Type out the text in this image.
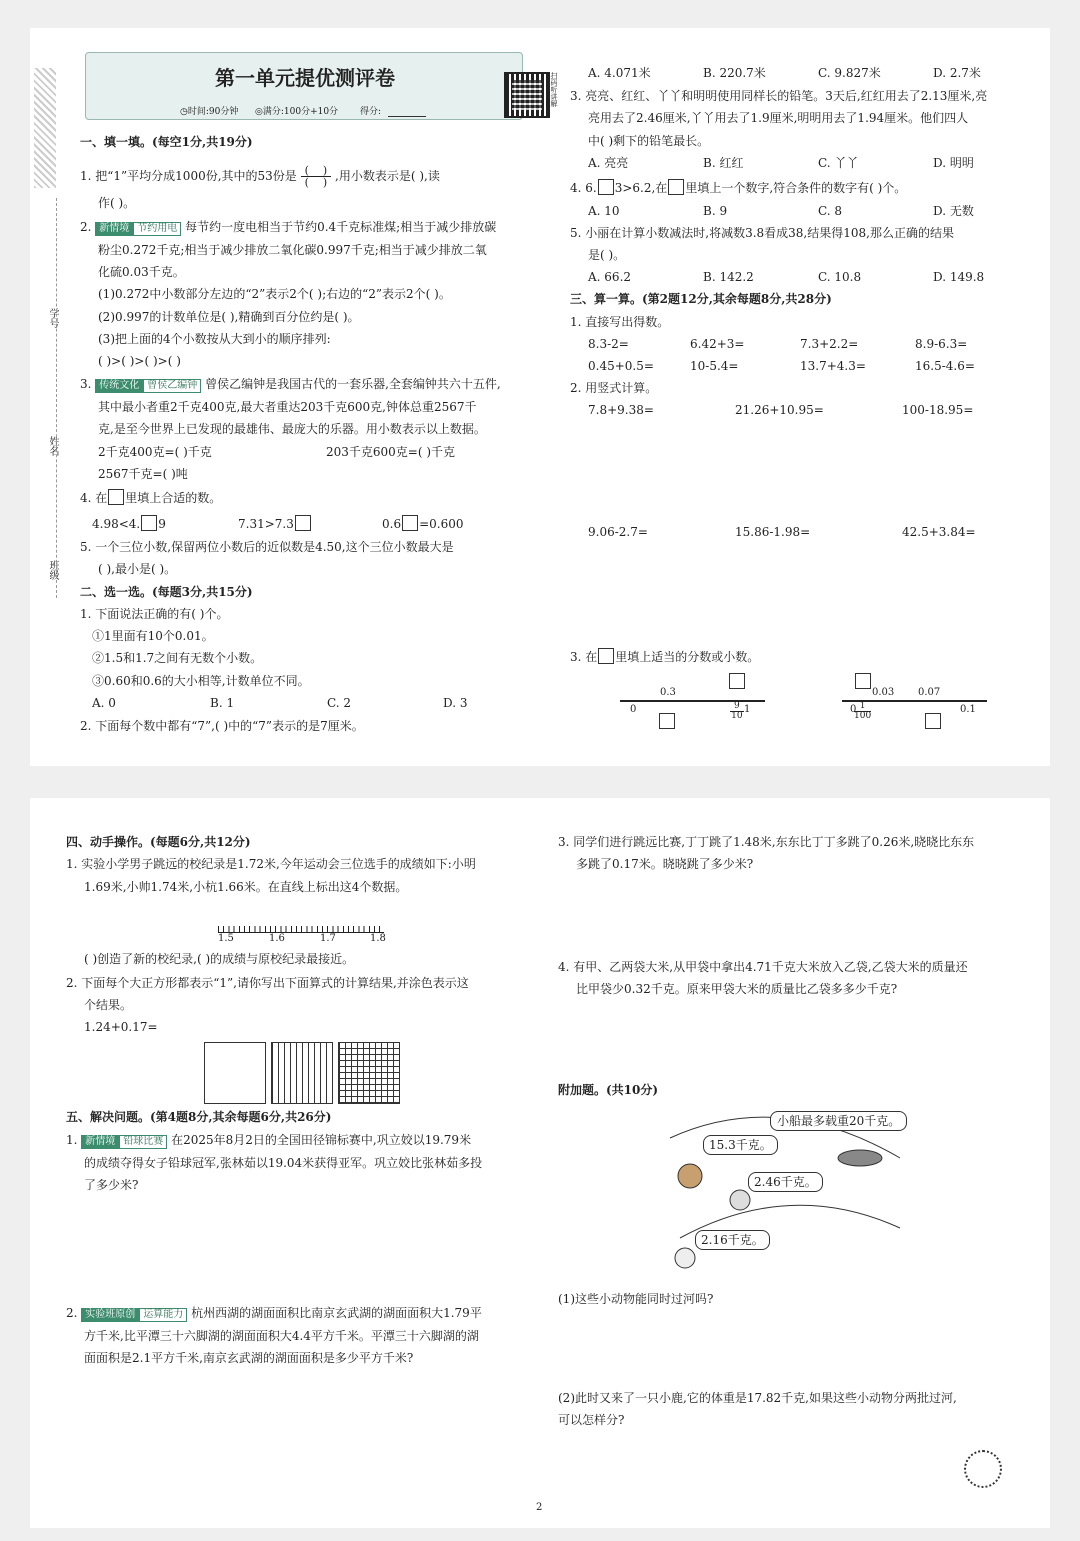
学号
姓名
班级
第一单元提优测评卷
◷时间:90分钟 ◎满分:100分+10分 得分:
扫码听讲解
一、填一填。(每空1分,共19分)
1. 把“1”平均分成1000份,其中的53份是 $\frac{( )}{( )}$ ,用小数表示是( ),读
作( )。
2. 新情境 节约用电 每节约一度电相当于节约0.4千克标准煤;相当于减少排放碳
粉尘0.272千克;相当于减少排放二氧化碳0.997千克;相当于减少排放二氧
化硫0.03千克。
(1)0.272中小数部分左边的“2”表示2个( );右边的“2”表示2个( )。
(2)0.997的计数单位是( ),精确到百分位约是( )。
(3)把上面的4个小数按从大到小的顺序排列:
( )>( )>( )>( )
3. 传统文化 曾侯乙编钟 曾侯乙编钟是我国古代的一套乐器,全套编钟共六十五件,
其中最小者重2千克400克,最大者重达203千克600克,钟体总重2567千
克,是至今世界上已发现的最雄伟、最庞大的乐器。用小数表示以上数据。
2千克400克=( )千克	203千克600克=( )千克
2567千克=( )吨
4. 在 里填上合适的数。
4.98<4. 9	7.31>7.3	0.6 =0.600
5. 一个三位小数,保留两位小数后的近似数是4.50,这个三位小数最大是
( ),最小是( )。
二、选一选。(每题3分,共15分)
1. 下面说法正确的有( )个。
①1里面有10个0.01。
②1.5和1.7之间有无数个小数。
③0.60和0.6的大小相等,计数单位不同。
A. 0	B. 1	C. 2	D. 3
2. 下面每个数中都有“7”,( )中的“7”表示的是7厘米。
A. 4.071米	B. 220.7米	C. 9.827米	D. 2.7米
3. 亮亮、红红、丫丫和明明使用同样长的铅笔。3天后,红红用去了2.13厘米,亮
亮用去了2.46厘米,丫丫用去了1.9厘米,明明用去了1.94厘米。他们四人
中( )剩下的铅笔最长。
A. 亮亮	B. 红红	C. 丫丫	D. 明明
4. 6. 3>6.2,在 里填上一个数字,符合条件的数字有( )个。
A. 10	B. 9	C. 8	D. 无数
5. 小丽在计算小数减法时,将减数3.8看成38,结果得108,那么正确的结果
是( )。
A. 66.2	B. 142.2	C. 10.8	D. 149.8
三、算一算。(第2题12分,其余每题8分,共28分)
1. 直接写出得数。
8.3-2=	6.42+3=	7.3+2.2=	8.9-6.3=
0.45+0.5=	10-5.4=	13.7+4.3=	16.5-4.6=
2. 用竖式计算。
7.8+9.38=	21.26+10.95=	100-18.95=
9.06-2.7=	15.86-1.98=	42.5+3.84=
3. 在 里填上适当的分数或小数。
0
0.3
1
$\frac{9}{10}$	0
0.03 0.07
0.1
$\frac{1}{100}$
四、动手操作。(每题6分,共12分)
1. 实验小学男子跳远的校纪录是1.72米,今年运动会三位选手的成绩如下:小明
1.69米,小帅1.74米,小杭1.66米。在直线上标出这4个数据。
1.5	1.6	1.7	1.8
( )创造了新的校纪录,( )的成绩与原校纪录最接近。
2. 下面每个大正方形都表示“1”,请你写出下面算式的计算结果,并涂色表示这
个结果。
1.24+0.17=
五、解决问题。(第4题8分,其余每题6分,共26分)
1. 新情境 铅球比赛 在2025年8月2日的全国田径锦标赛中,巩立姣以19.79米
的成绩夺得女子铅球冠军,张林茹以19.04米获得亚军。巩立姣比张林茹多投
了多少米?
2. 实验班原创 运算能力 杭州西湖的湖面面积比南京玄武湖的湖面面积大1.79平
方千米,比平潭三十六脚湖的湖面面积大4.4平方千米。平潭三十六脚湖的湖
面面积是2.1平方千米,南京玄武湖的湖面面积是多少平方千米?
3. 同学们进行跳远比赛,丁丁跳了1.48米,东东比丁丁多跳了0.26米,晓晓比东东
多跳了0.17米。晓晓跳了多少米?
4. 有甲、乙两袋大米,从甲袋中拿出4.71千克大米放入乙袋,乙袋大米的质量还
比甲袋少0.32千克。原来甲袋大米的质量比乙袋多多少千克?
附加题。(共10分)
小船最多载重20千克。
15.3千克。
2.46千克。
2.16千克。
(1)这些小动物能同时过河吗?
(2)此时又来了一只小鹿,它的体重是17.82千克,如果这些小动物分两批过河,
可以怎样分?
2
